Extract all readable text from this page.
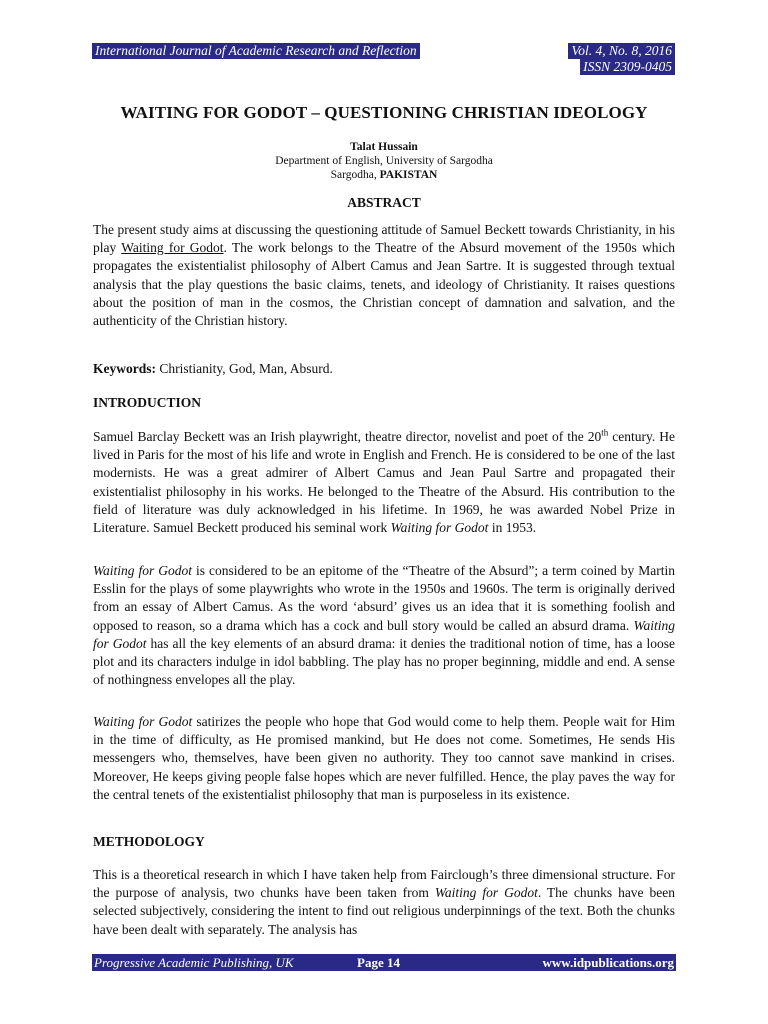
International Journal of Academic Research and Reflection	Vol. 4, No. 8, 2016
ISSN 2309-0405
WAITING FOR GODOT – QUESTIONING CHRISTIAN IDEOLOGY
Talat Hussain
Department of English, University of Sargodha
Sargodha, PAKISTAN
ABSTRACT

The present study aims at discussing the questioning attitude of Samuel Beckett towards Christianity, in his play Waiting for Godot. The work belongs to the Theatre of the Absurd movement of the 1950s which propagates the existentialist philosophy of Albert Camus and Jean Sartre. It is suggested through textual analysis that the play questions the basic claims, tenets, and ideology of Christianity. It raises questions about the position of man in the cosmos, the Christian concept of damnation and salvation, and the authenticity of the Christian history.

Keywords: Christianity, God, Man, Absurd.

INTRODUCTION

Samuel Barclay Beckett was an Irish playwright, theatre director, novelist and poet of the 20th century. He lived in Paris for the most of his life and wrote in English and French. He is considered to be one of the last modernists. He was a great admirer of Albert Camus and Jean Paul Sartre and propagated their existentialist philosophy in his works. He belonged to the Theatre of the Absurd. His contribution to the field of literature was duly acknowledged in his lifetime. In 1969, he was awarded Nobel Prize in Literature. Samuel Beckett produced his seminal work Waiting for Godot in 1953.

Waiting for Godot is considered to be an epitome of the “Theatre of the Absurd”; a term coined by Martin Esslin for the plays of some playwrights who wrote in the 1950s and 1960s. The term is originally derived from an essay of Albert Camus. As the word ‘absurd’ gives us an idea that it is something foolish and opposed to reason, so a drama which has a cock and bull story would be called an absurd drama. Waiting for Godot has all the key elements of an absurd drama: it denies the traditional notion of time, has a loose plot and its characters indulge in idol babbling. The play has no proper beginning, middle and end. A sense of nothingness envelopes all the play.

Waiting for Godot satirizes the people who hope that God would come to help them. People wait for Him in the time of difficulty, as He promised mankind, but He does not come. Sometimes, He sends His messengers who, themselves, have been given no authority. They too cannot save mankind in crises. Moreover, He keeps giving people false hopes which are never fulfilled. Hence, the play paves the way for the central tenets of the existentialist philosophy that man is purposeless in its existence.

METHODOLOGY

This is a theoretical research in which I have taken help from Fairclough’s three dimensional structure. For the purpose of analysis, two chunks have been taken from Waiting for Godot. The chunks have been selected subjectively, considering the intent to find out religious underpinnings of the text. Both the chunks have been dealt with separately. The analysis has

Progressive Academic Publishing, UK	Page 14	www.idpublications.org
